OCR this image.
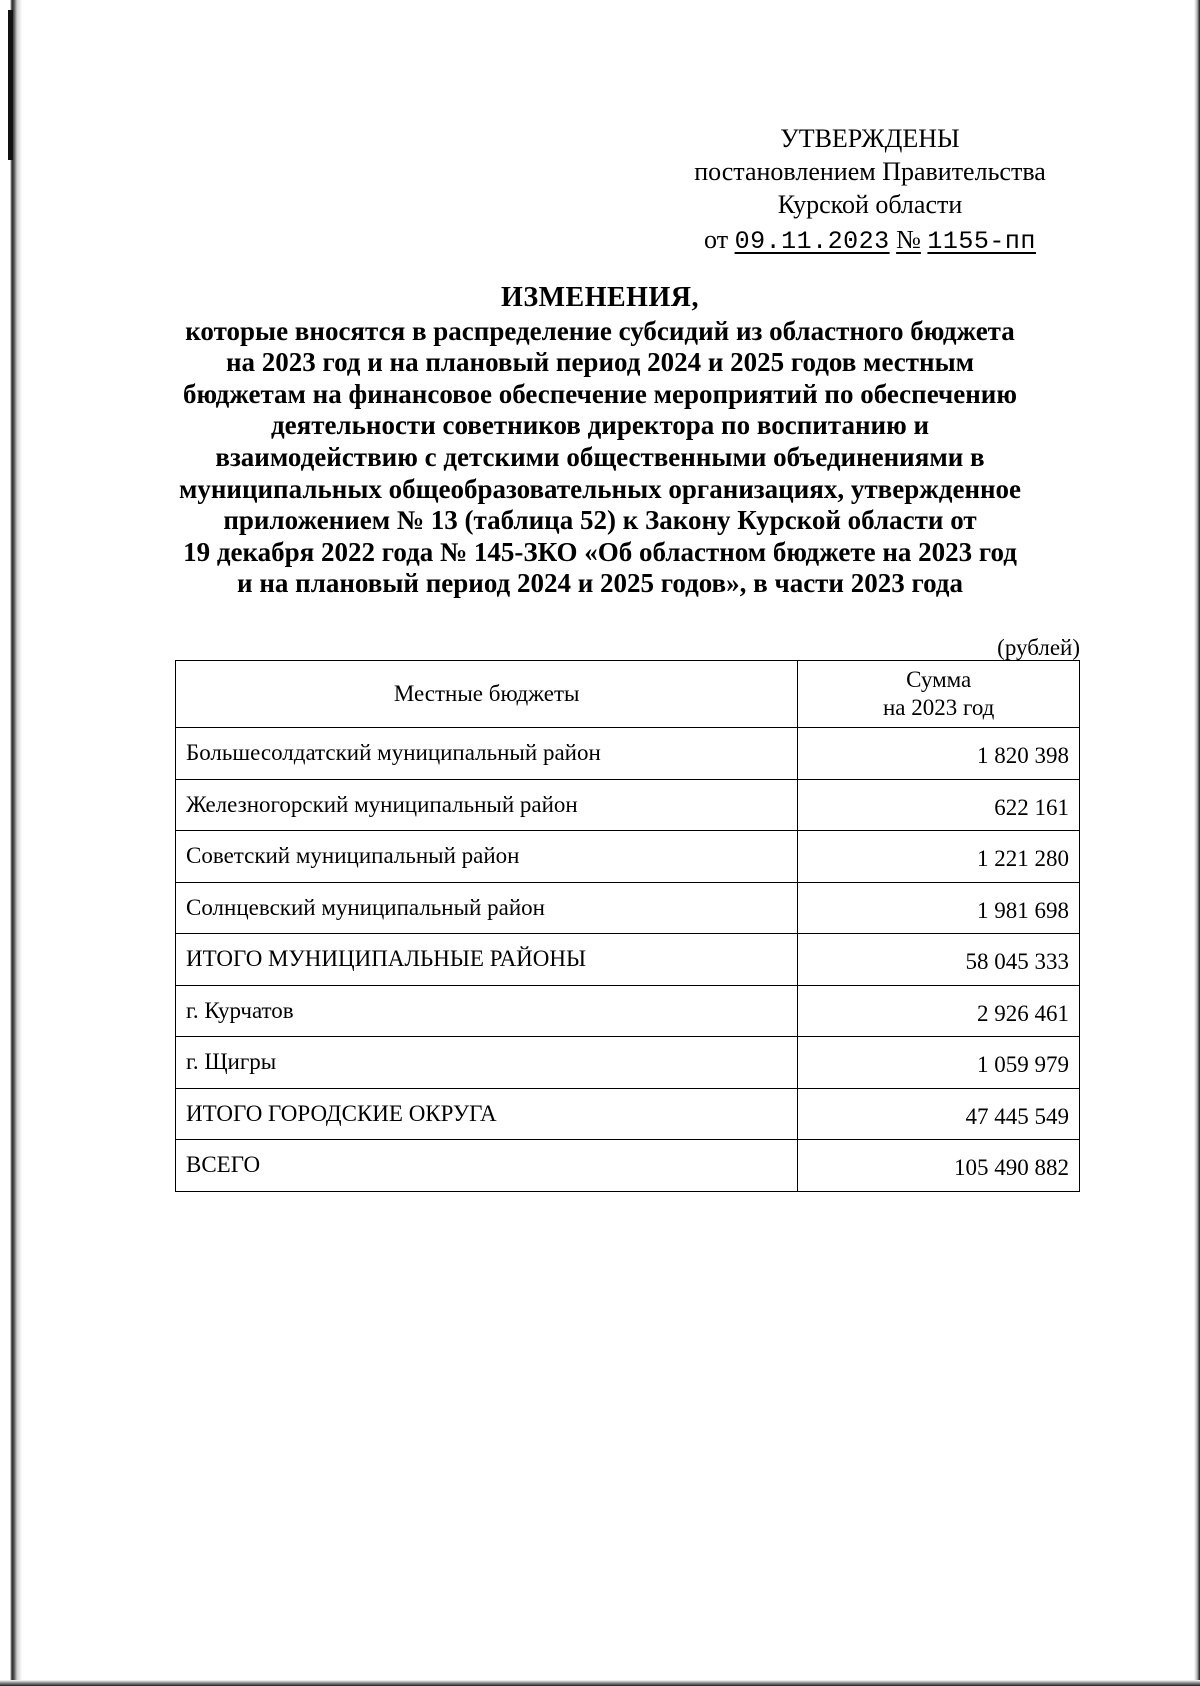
УТВЕРЖДЕНЫ
постановлением Правительства
Курской области
от 09.11.2023 № 1155-пп
ИЗМЕНЕНИЯ,
которые вносятся в распределение субсидий из областного бюджета
на 2023 год и на плановый период 2024 и 2025 годов местным
бюджетам на финансовое обеспечение мероприятий по обеспечению
деятельности советников директора по воспитанию и
взаимодействию с детскими общественными объединениями в
муниципальных общеобразовательных организациях, утвержденное
приложением № 13 (таблица 52) к Закону Курской области от
19 декабря 2022 года № 145-ЗКО «Об областном бюджете на 2023 год
и на плановый период 2024 и 2025 годов», в части 2023 года
(рублей)
Местные бюджеты	Сумма
на 2023 год
Большесолдатский муниципальный район	1 820 398
Железногорский муниципальный район	622 161
Советский муниципальный район	1 221 280
Солнцевский муниципальный район	1 981 698
ИТОГО МУНИЦИПАЛЬНЫЕ РАЙОНЫ	58 045 333
г. Курчатов	2 926 461
г. Щигры	1 059 979
ИТОГО ГОРОДСКИЕ ОКРУГА	47 445 549
ВСЕГО	105 490 882
